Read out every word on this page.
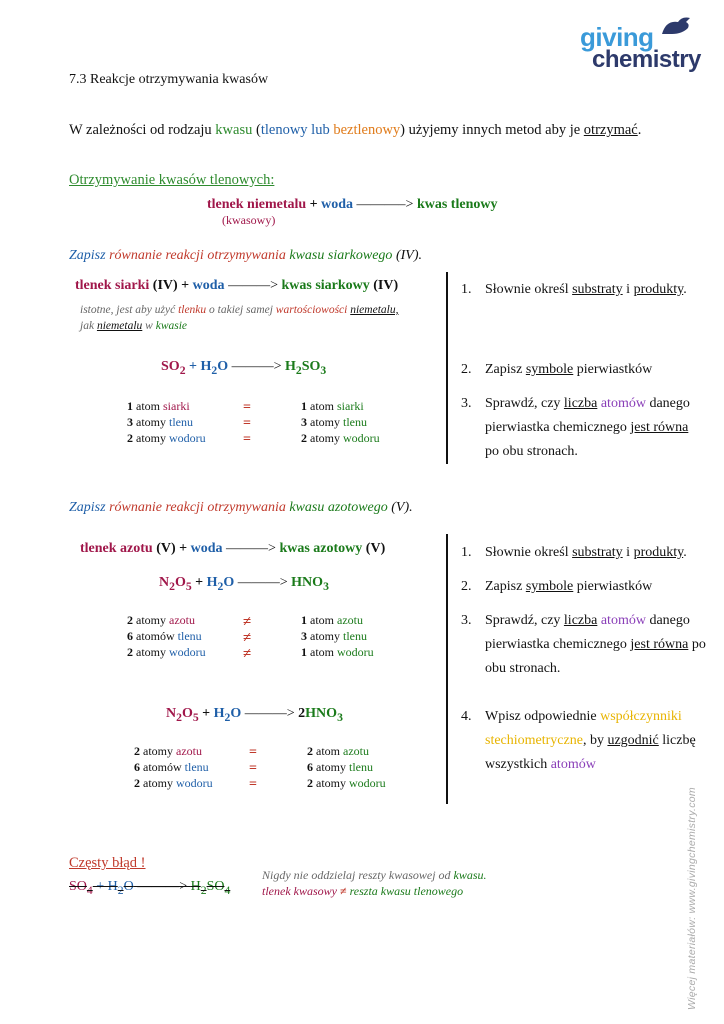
giving
chemistry
7.3 Reakcje otrzymywania kwasów
W zależności od rodzaju kwasu (tlenowy lub beztlenowy) użyjemy innych metod aby je otrzymać.
Otrzymywanie kwasów tlenowych:
tlenek niemetalu + woda ———–> kwas tlenowy
(kwasowy)
Zapisz równanie reakcji otrzymywania kwasu siarkowego (IV).
tlenek siarki (IV) + woda ———> kwas siarkowy (IV)
istotne, jest aby użyć tlenku o takiej samej wartościowości niemetalu,
jak niemetalu w kwasie
$SO_2 + H_2O$ ———> $H_2SO_3$
1 atom siarki
3 atomy tlenu
2 atomy wodoru
=
=
=
1 atom siarki
3 atomy tlenu
2 atomy wodoru
1. Słownie określ substraty i produkty.
2. Zapisz symbole pierwiastków
3. Sprawdź, czy liczba atomów danego
pierwiastka chemicznego jest równa
po obu stronach.
Zapisz równanie reakcji otrzymywania kwasu azotowego (V).
tlenek azotu (V) + woda ———> kwas azotowy (V)
$N_2O_5 + H_2O$ ———> $HNO_3$
2 atomy azotu
6 atomów tlenu
2 atomy wodoru
≠
≠
≠
1 atom azotu
3 atomy tlenu
1 atom wodoru
$N_2O_5 + H_2O$ ———> $2HNO_3$
2 atomy azotu
6 atomów tlenu
2 atomy wodoru
=
=
=
2 atom azotu
6 atomy tlenu
2 atomy wodoru
1. Słownie określ substraty i produkty.
2. Zapisz symbole pierwiastków
3. Sprawdź, czy liczba atomów danego
pierwiastka chemicznego jest równa po
obu stronach.
4. Wpisz odpowiednie współczynniki
stechiometryczne, by uzgodnić liczbę
wszystkich atomów
Częsty błąd !
$SO_4 + H_2O$ ———> $H_2SO_4$
Nigdy nie oddzielaj reszty kwasowej od kwasu.
tlenek kwasowy ≠ reszta kwasu tlenowego	Więcej materiałów: www.givingchemistry.com
